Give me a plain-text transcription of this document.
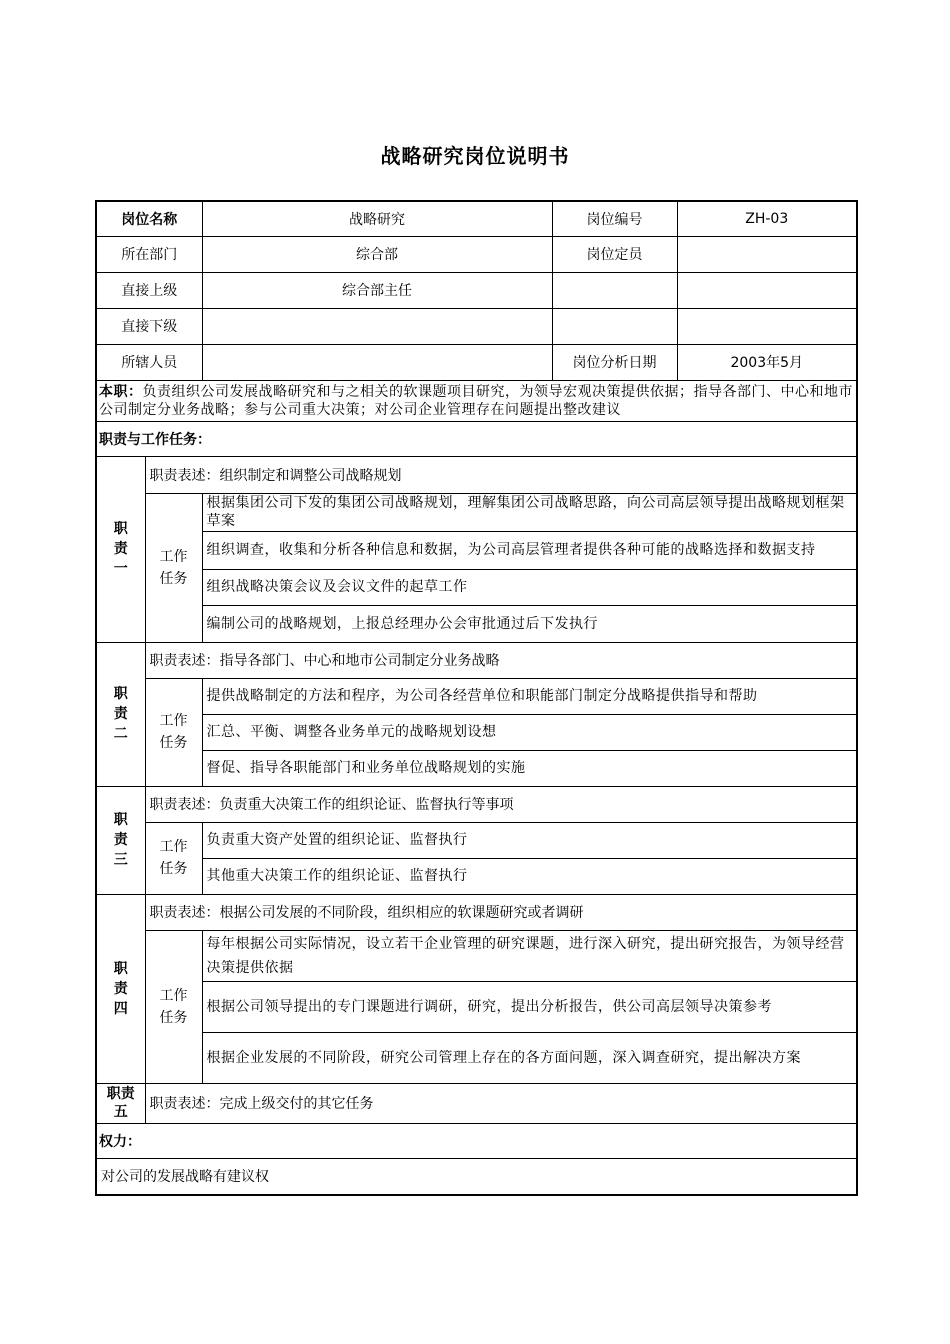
战略研究岗位说明书
岗位名称		战略研究	岗位编号	ZH-03
所在部门		综合部	岗位定员	
直接上级		综合部主任		
直接下级				
所辖人员			岗位分析日期	2003年5月
本职：负责组织公司发展战略研究和与之相关的软课题项目研究，为领导宏观决策提供依据；指导各部门、中心和地市公司制定分业务战略；参与公司重大决策；对公司企业管理存在问题提出整改建议				
职责与工作任务：				
职
责
一	职责表述：组织制定和调整公司战略规划			
	工作
任务	根据集团公司下发的集团公司战略规划，理解集团公司战略思路，向公司高层领导提出战略规划框架草案		
		组织调查，收集和分析各种信息和数据，为公司高层管理者提供各种可能的战略选择和数据支持		
		组织战略决策会议及会议文件的起草工作		
		编制公司的战略规划，上报总经理办公会审批通过后下发执行		
职
责
二	职责表述：指导各部门、中心和地市公司制定分业务战略			
	工作
任务	提供战略制定的方法和程序，为公司各经营单位和职能部门制定分战略提供指导和帮助		
		汇总、平衡、调整各业务单元的战略规划设想		
		督促、指导各职能部门和业务单位战略规划的实施		
职
责
三	职责表述：负责重大决策工作的组织论证、监督执行等事项			
	工作
任务	负责重大资产处置的组织论证、监督执行		
		其他重大决策工作的组织论证、监督执行		
职
责
四	职责表述：根据公司发展的不同阶段，组织相应的软课题研究或者调研			
	工作
任务	每年根据公司实际情况，设立若干企业管理的研究课题，进行深入研究，提出研究报告，为领导经营决策提供依据		
		根据公司领导提出的专门课题进行调研，研究，提出分析报告，供公司高层领导决策参考		
		根据企业发展的不同阶段，研究公司管理上存在的各方面问题，深入调查研究，提出解决方案		
职责
五	职责表述：完成上级交付的其它任务			
权力：				
对公司的发展战略有建议权				
